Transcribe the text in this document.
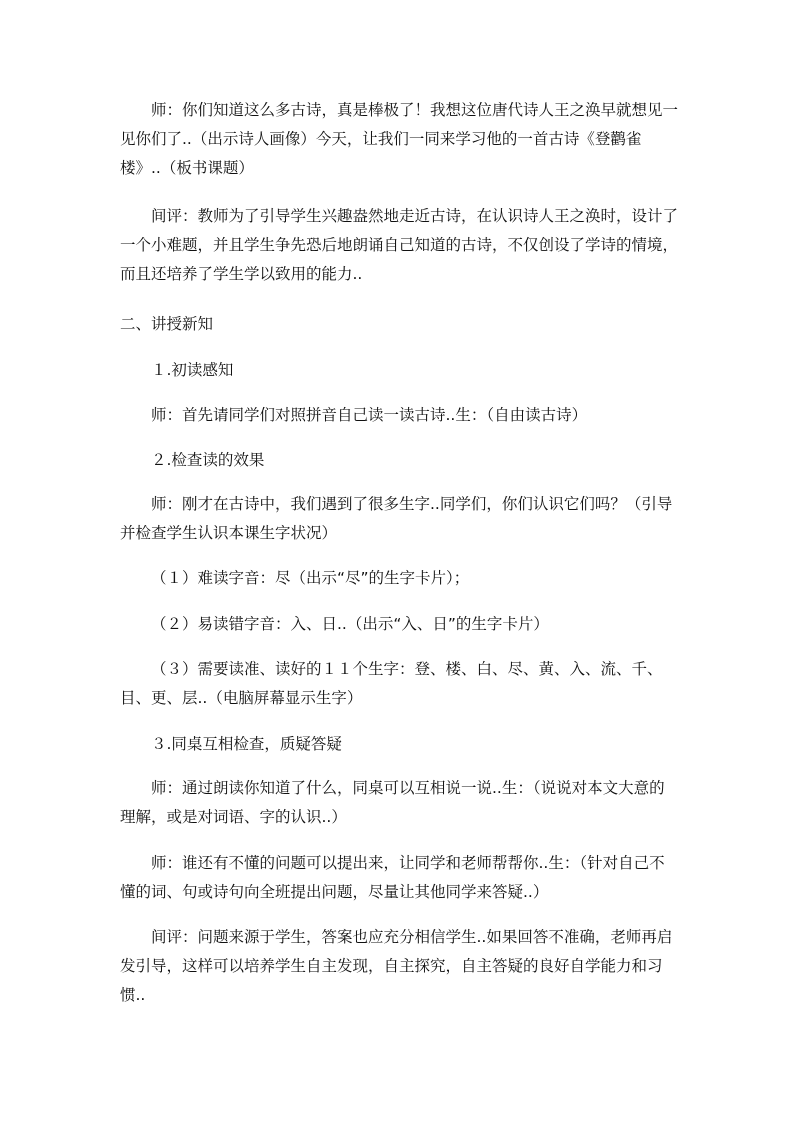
师：你们知道这么多古诗，真是棒极了！我想这位唐代诗人王之涣早就想见一见你们了..（出示诗人画像）今天，让我们一同来学习他的一首古诗《登鹳雀楼》..（板书课题）

间评：教师为了引导学生兴趣盎然地走近古诗，在认识诗人王之涣时，设计了一个小难题，并且学生争先恐后地朗诵自己知道的古诗，不仅创设了学诗的情境，而且还培养了学生学以致用的能力..

二、讲授新知

１.初读感知

师：首先请同学们对照拼音自己读一读古诗..生：（自由读古诗）

２.检查读的效果

师：刚才在古诗中，我们遇到了很多生字..同学们，你们认识它们吗？（引导并检查学生认识本课生字状况）

（１）难读字音：尽（出示“尽”的生字卡片）；

（２）易读错字音：入、日..（出示“入、日”的生字卡片）

（３）需要读准、读好的１１个生字：登、楼、白、尽、黄、入、流、千、目、更、层..（电脑屏幕显示生字）

３.同桌互相检查，质疑答疑

师：通过朗读你知道了什么，同桌可以互相说一说..生：（说说对本文大意的理解，或是对词语、字的认识..）

师：谁还有不懂的问题可以提出来，让同学和老师帮帮你..生：（针对自己不懂的词、句或诗句向全班提出问题，尽量让其他同学来答疑..）

间评：问题来源于学生，答案也应充分相信学生..如果回答不准确，老师再启发引导，这样可以培养学生自主发现，自主探究，自主答疑的良好自学能力和习惯..
